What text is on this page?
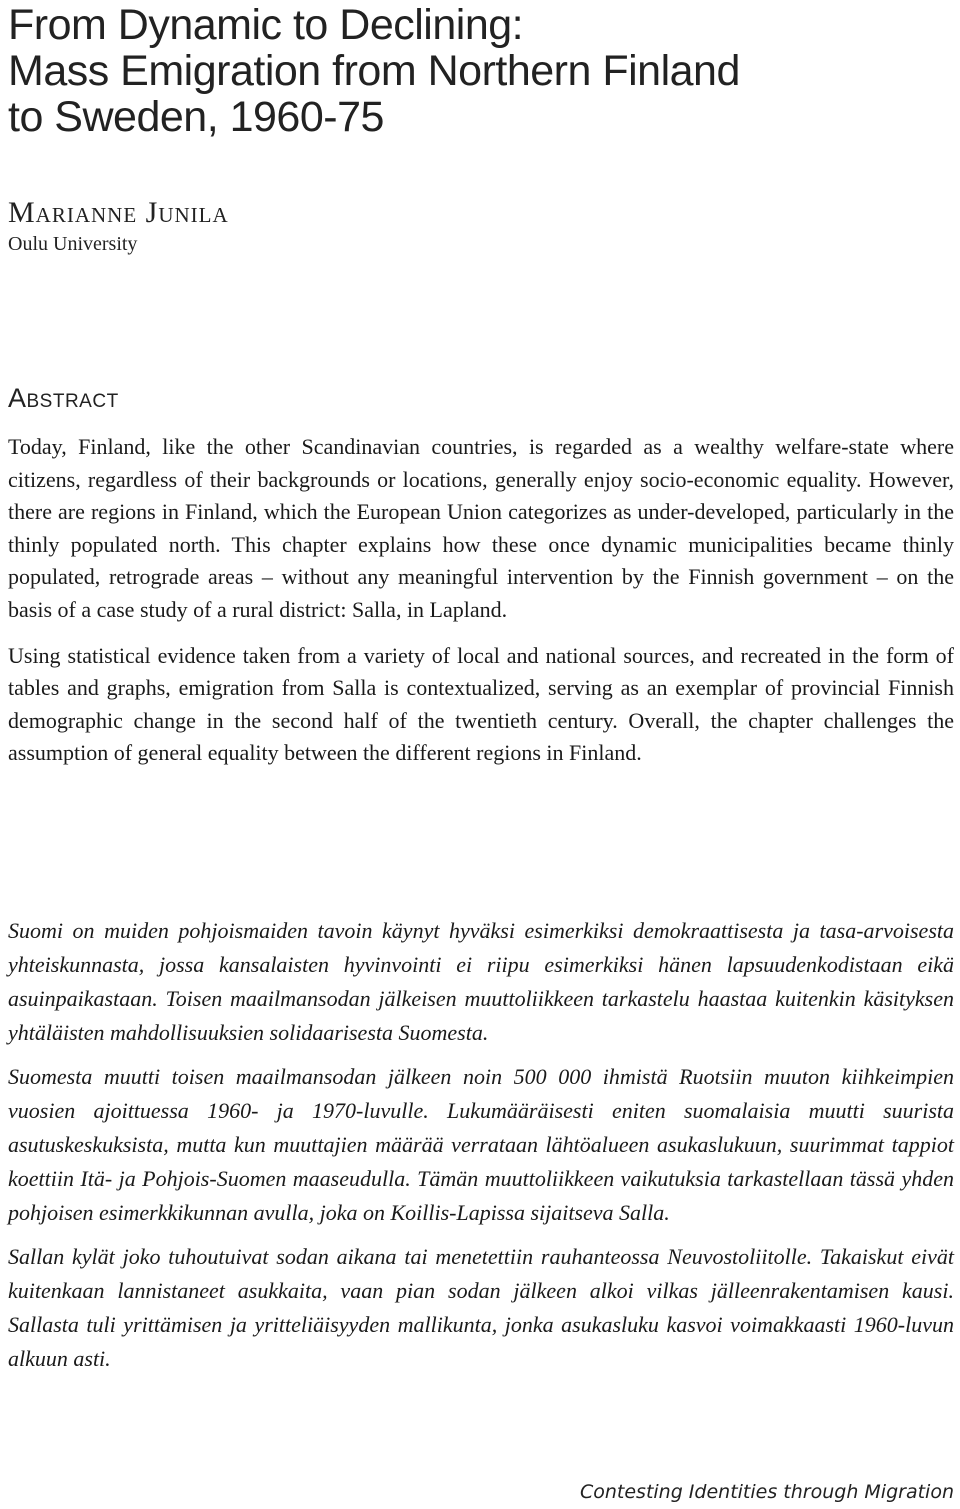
From Dynamic to Declining:
Mass Emigration from Northern Finland
to Sweden, 1960-75
Marianne Junila
Oulu University
Abstract

Today, Finland, like the other Scandinavian countries, is regarded as a wealthy welfare-state where citizens, regardless of their backgrounds or locations, generally enjoy socio-economic equality. However, there are regions in Finland, which the European Union categorizes as under-developed, particularly in the thinly populated north. This chapter explains how these once dynamic municipalities became thinly populated, retrograde areas – without any meaningful intervention by the Finnish government – on the basis of a case study of a rural district: Salla, in Lapland.

Using statistical evidence taken from a variety of local and national sources, and recreated in the form of tables and graphs, emigration from Salla is contextualized, serving as an exemplar of provincial Finnish demographic change in the second half of the twentieth century. Overall, the chapter challenges the assumption of general equality between the different regions in Finland.

Suomi on muiden pohjoismaiden tavoin käynyt hyväksi esimerkiksi demokraattisesta ja tasa-arvoisesta yhteiskunnasta, jossa kansalaisten hyvinvointi ei riipu esimerkiksi hänen lapsuudenkodistaan eikä asuinpaikastaan. Toisen maailmansodan jälkeisen muuttoliikkeen tarkastelu haastaa kuitenkin käsityksen yhtäläisten mahdollisuuksien solidaarisesta Suomesta.

Suomesta muutti toisen maailmansodan jälkeen noin 500 000 ihmistä Ruotsiin muuton kiihkeimpien vuosien ajoittuessa 1960- ja 1970-luvulle. Lukumääräisesti eniten suomalaisia muutti suurista asutuskeskuksista, mutta kun muuttajien määrää verrataan lähtöalueen asukaslukuun, suurimmat tappiot koettiin Itä- ja Pohjois-Suomen maaseudulla. Tämän muuttoliikkeen vaikutuksia tarkastellaan tässä yhden pohjoisen esimerkkikunnan avulla, joka on Koillis-Lapissa sijaitseva Salla.

Sallan kylät joko tuhoutuivat sodan aikana tai menetettiin rauhanteossa Neuvostoliitolle. Takaiskut eivät kuitenkaan lannistaneet asukkaita, vaan pian sodan jälkeen alkoi vilkas jälleenrakentamisen kausi. Sallasta tuli yrittämisen ja yritteliäisyyden mallikunta, jonka asukasluku kasvoi voimakkaasti 1960-luvun alkuun asti.

Contesting Identities through Migration
